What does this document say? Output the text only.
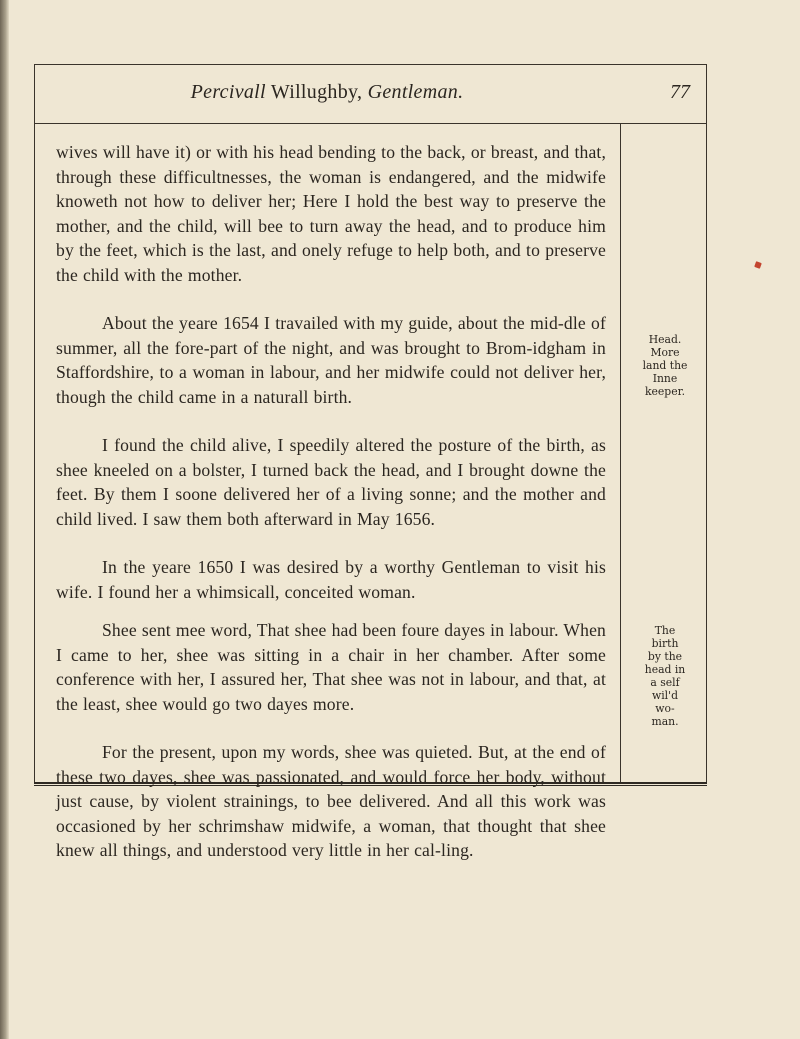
Percivall Willughby, Gentleman.	77

wives will have it) or with his head bending to the back, or breast, and that, through these difficultnesses, the woman is endangered, and the midwife knoweth not how to deliver her; Here I hold the best way to preserve the mother, and the child, will bee to turn away the head, and to produce him by the feet, which is the last, and onely refuge to help both, and to preserve the child with the mother.

About the yeare 1654 I travailed with my guide, about the mid-dle of summer, all the fore-part of the night, and was brought to Brom-idgham in Staffordshire, to a woman in labour, and her midwife could not deliver her, though the child came in a naturall birth.

I found the child alive, I speedily altered the posture of the birth, as shee kneeled on a bolster, I turned back the head, and I brought downe the feet. By them I soone delivered her of a living sonne; and the mother and child lived. I saw them both afterward in May 1656.

In the yeare 1650 I was desired by a worthy Gentleman to visit his wife. I found her a whimsicall, conceited woman.

Shee sent mee word, That shee had been foure dayes in labour. When I came to her, shee was sitting in a chair in her chamber. After some conference with her, I assured her, That shee was not in labour, and that, at the least, shee would go two dayes more.

For the present, upon my words, shee was quieted. But, at the end of these two dayes, shee was passionated, and would force her body, without just cause, by violent strainings, to bee delivered. And all this work was occasioned by her schrimshaw midwife, a woman, that thought that shee knew all things, and understood very little in her cal-ling.

Head.
More
land the
Inne
keeper.
The
birth
by the
head in
a self
wil'd
wo-
man.
